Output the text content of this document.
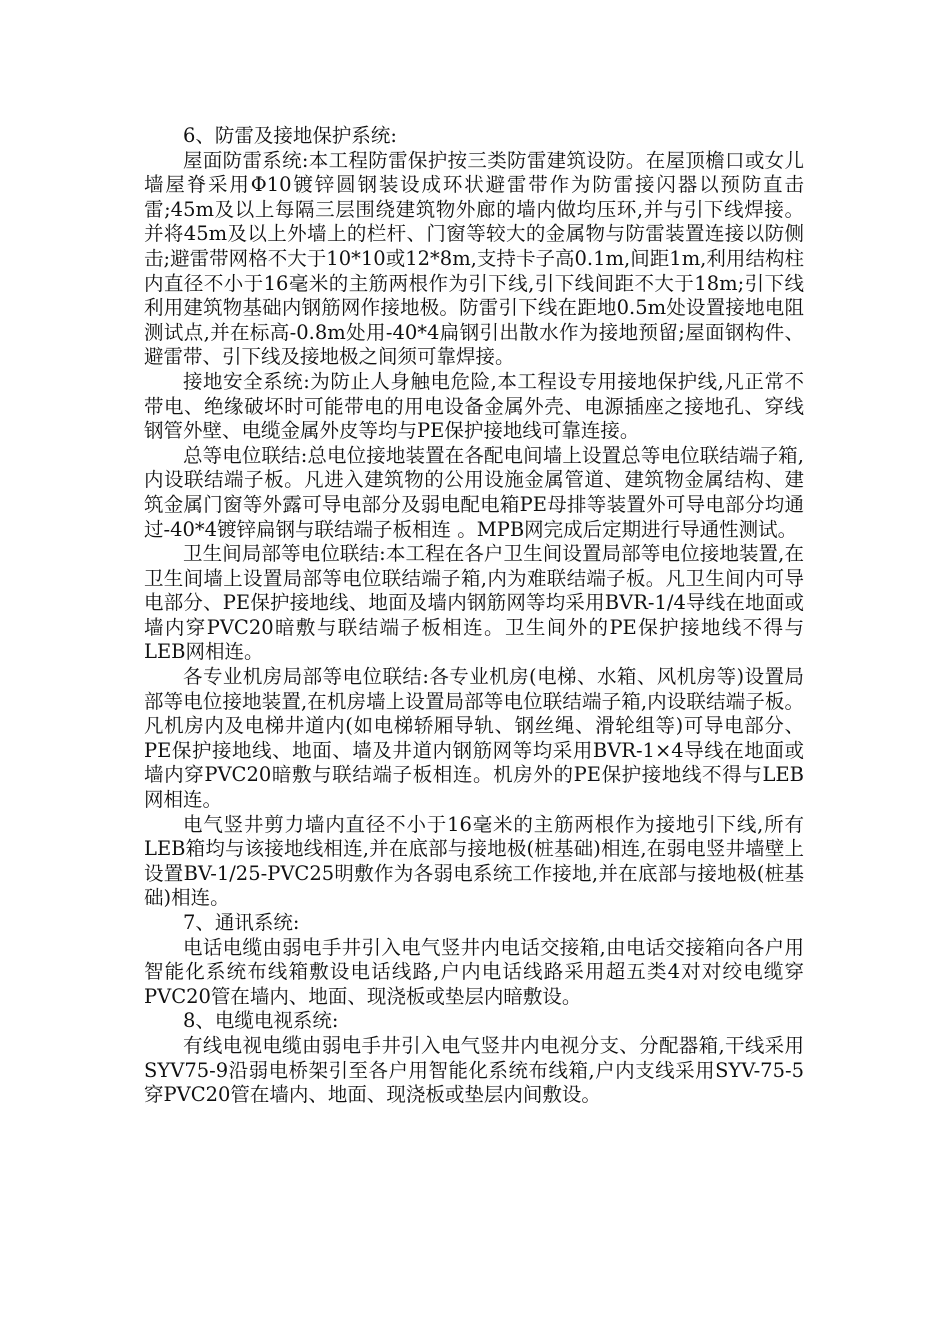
6、防雷及接地保护系统:

屋面防雷系统:本工程防雷保护按三类防雷建筑设防。在屋顶檐口或女儿墙屋脊采用Φ10镀锌圆钢装设成环状避雷带作为防雷接闪器以预防直击雷;45m及以上每隔三层围绕建筑物外廊的墙内做均压环,并与引下线焊接。并将45m及以上外墙上的栏杆、门窗等较大的金属物与防雷装置连接以防侧击;避雷带网格不大于10*10或12*8m,支持卡子高0.1m,间距1m,利用结构柱内直径不小于16毫米的主筋两根作为引下线,引下线间距不大于18m;引下线利用建筑物基础内钢筋网作接地极。防雷引下线在距地0.5m处设置接地电阻测试点,并在标高-0.8m处用-40*4扁钢引出散水作为接地预留;屋面钢构件、避雷带、引下线及接地极之间须可靠焊接。

接地安全系统:为防止人身触电危险,本工程设专用接地保护线,凡正常不带电、绝缘破坏时可能带电的用电设备金属外壳、电源插座之接地孔、穿线钢管外壁、电缆金属外皮等均与PE保护接地线可靠连接。

总等电位联结:总电位接地装置在各配电间墙上设置总等电位联结端子箱,内设联结端子板。凡进入建筑物的公用设施金属管道、建筑物金属结构、建筑金属门窗等外露可导电部分及弱电配电箱PE母排等装置外可导电部分均通过-40*4镀锌扁钢与联结端子板相连 。MPB网完成后定期进行导通性测试。

卫生间局部等电位联结:本工程在各户卫生间设置局部等电位接地装置,在卫生间墙上设置局部等电位联结端子箱,内为难联结端子板。凡卫生间内可导电部分、PE保护接地线、地面及墙内钢筋网等均采用BVR-1/4导线在地面或墙内穿PVC20暗敷与联结端子板相连。卫生间外的PE保护接地线不得与LEB网相连。

各专业机房局部等电位联结:各专业机房(电梯、水箱、风机房等)设置局部等电位接地装置,在机房墙上设置局部等电位联结端子箱,内设联结端子板。凡机房内及电梯井道内(如电梯轿厢导轨、钢丝绳、滑轮组等)可导电部分、PE保护接地线、地面、墙及井道内钢筋网等均采用BVR-1×4导线在地面或墙内穿PVC20暗敷与联结端子板相连。机房外的PE保护接地线不得与LEB网相连。

电气竖井剪力墙内直径不小于16毫米的主筋两根作为接地引下线,所有LEB箱均与该接地线相连,并在底部与接地极(桩基础)相连,在弱电竖井墙壁上设置BV-1/25-PVC25明敷作为各弱电系统工作接地,并在底部与接地极(桩基础)相连。

7、通讯系统:

电话电缆由弱电手井引入电气竖井内电话交接箱,由电话交接箱向各户用智能化系统布线箱敷设电话线路,户内电话线路采用超五类4对对绞电缆穿PVC20管在墙内、地面、现浇板或垫层内暗敷设。

8、电缆电视系统:

有线电视电缆由弱电手井引入电气竖井内电视分支、分配器箱,干线采用SYV75-9沿弱电桥架引至各户用智能化系统布线箱,户内支线采用SYV-75-5穿PVC20管在墙内、地面、现浇板或垫层内间敷设。
